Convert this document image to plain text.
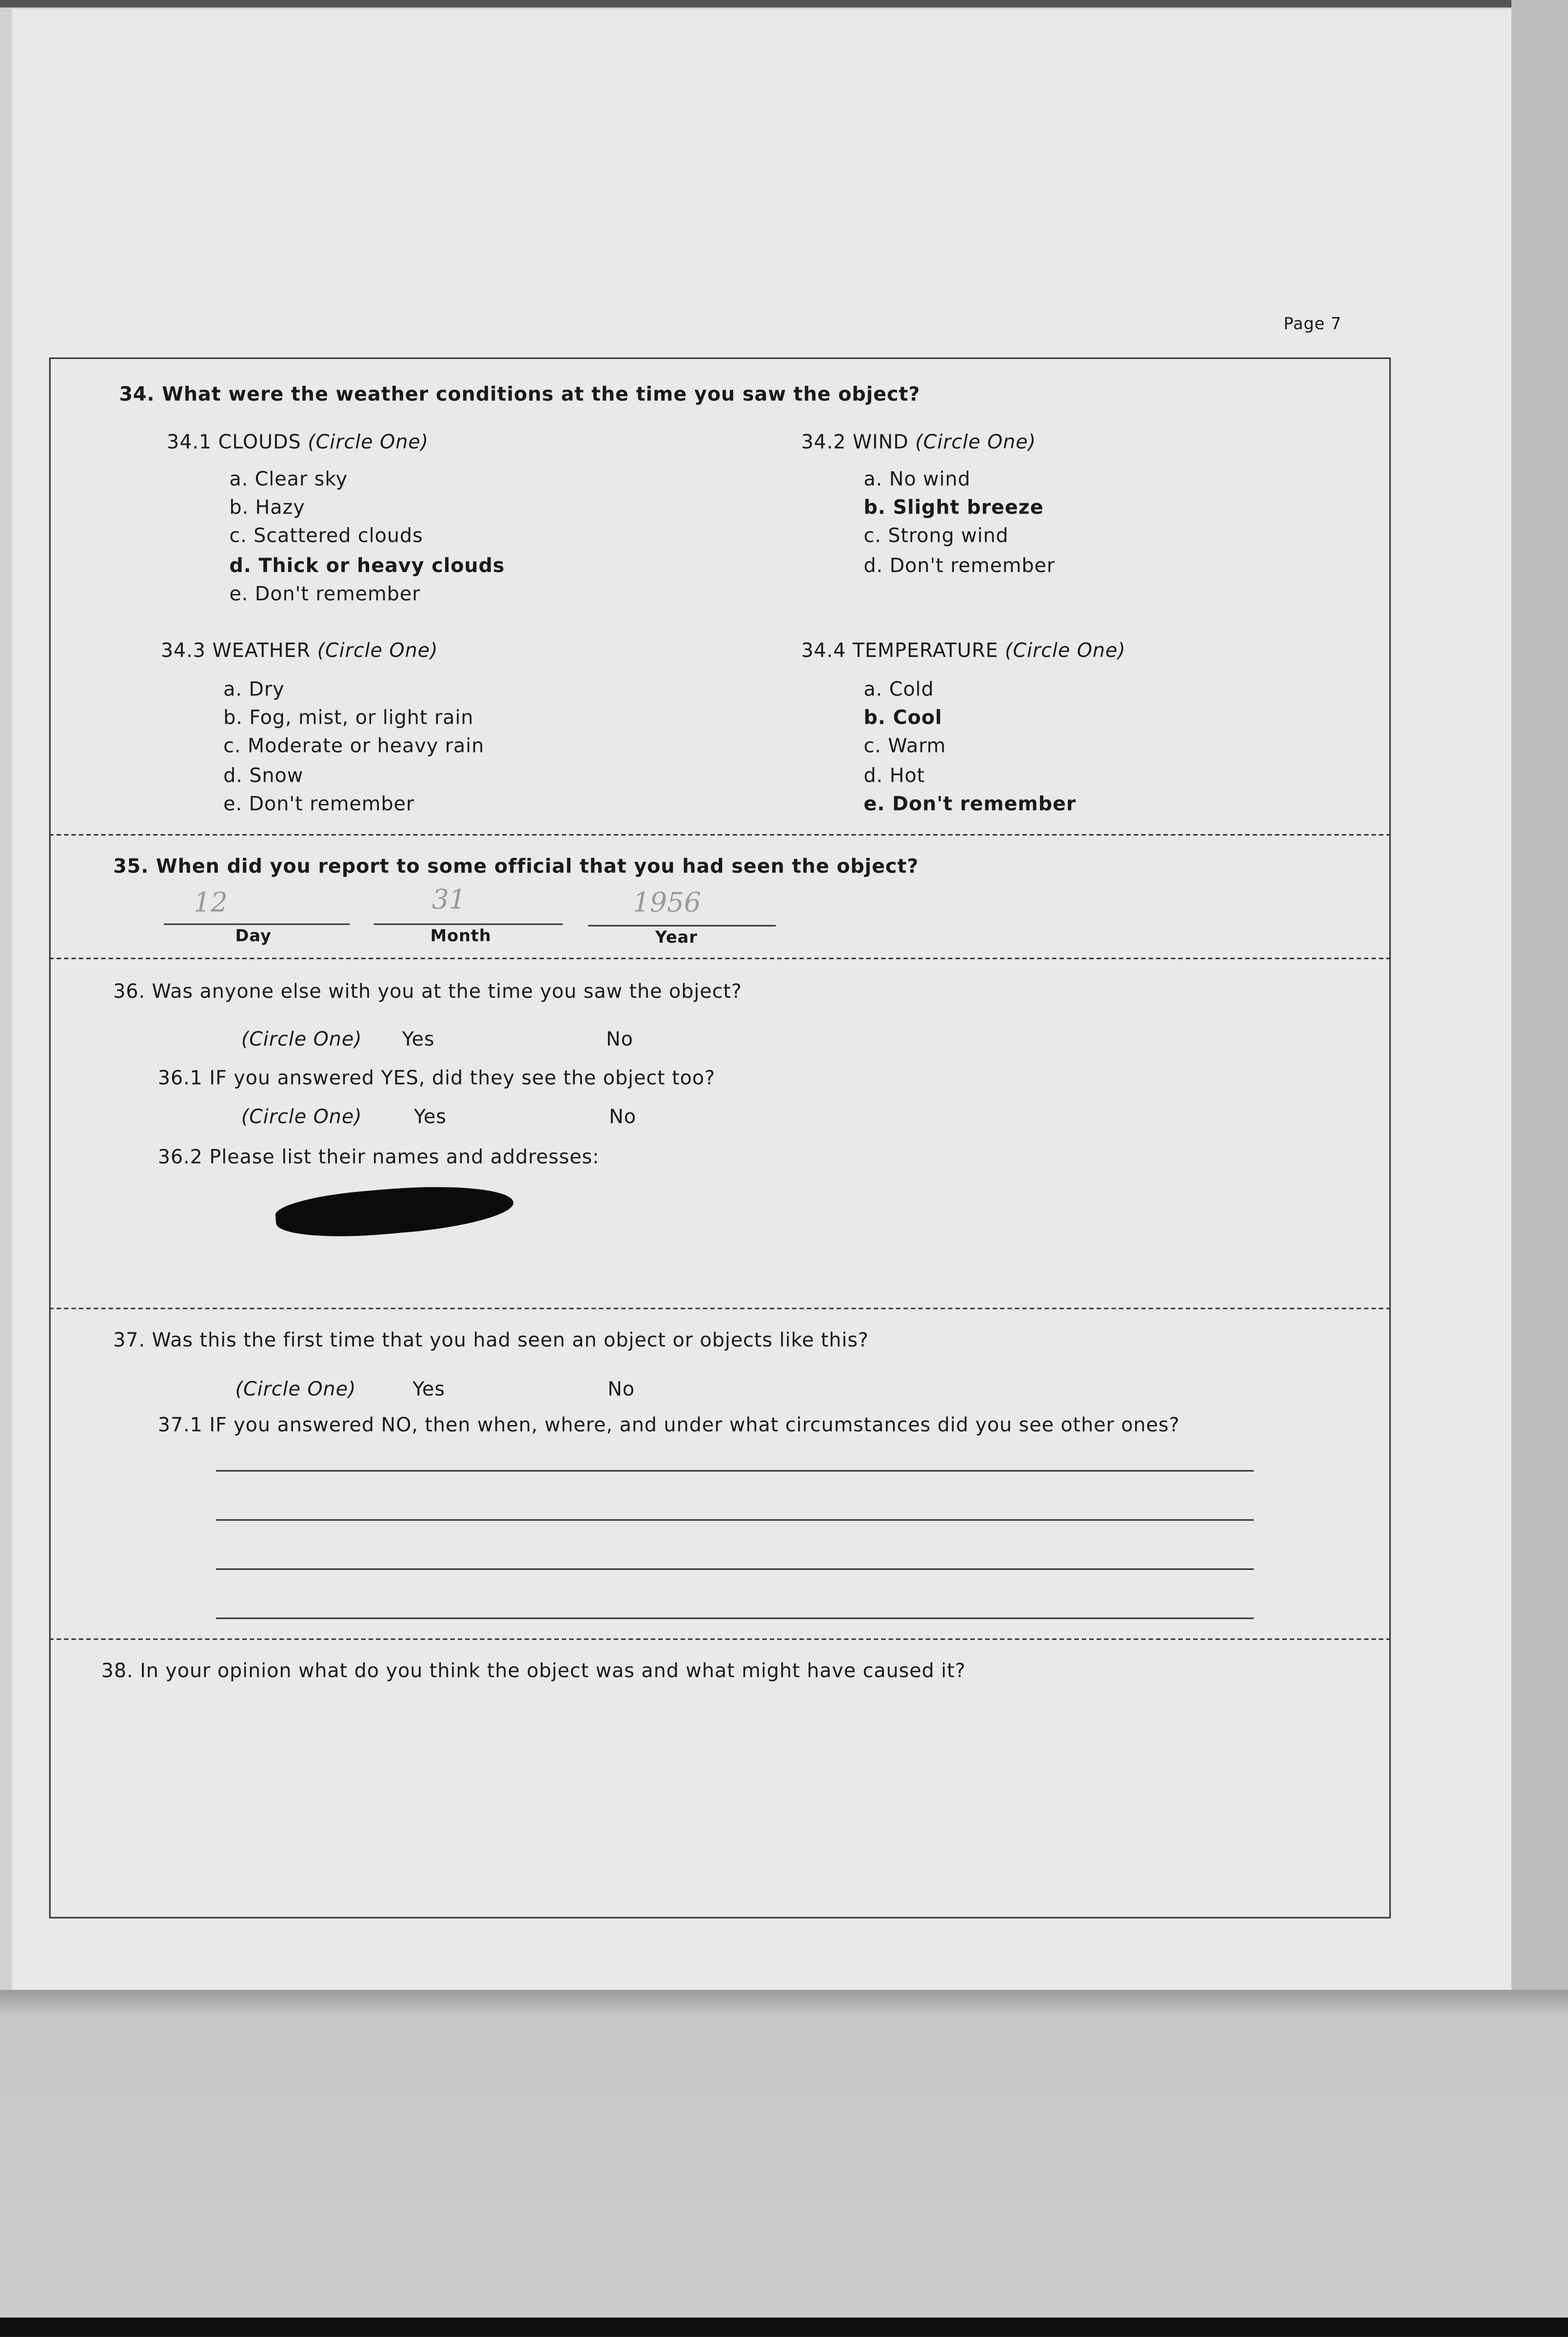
Page 7
34. What were the weather conditions at the time you saw the object?
34.1 CLOUDS (Circle One)
a. Clear sky
b. Hazy
c. Scattered clouds
d. Thick or heavy clouds
e. Don't remember
34.2 WIND (Circle One)
a. No wind
b. Slight breeze
c. Strong wind
d. Don't remember
34.3 WEATHER (Circle One)
a. Dry
b. Fog, mist, or light rain
c. Moderate or heavy rain
d. Snow
e. Don't remember
34.4 TEMPERATURE (Circle One)
a. Cold
b. Cool
c. Warm
d. Hot
e. Don't remember
35. When did you report to some official that you had seen the object?
12	31	1956
Day	Month	Year
36. Was anyone else with you at the time you saw the object?
(Circle One)	Yes	No
36.1 IF you answered YES, did they see the object too?
(Circle One)	Yes	No
36.2 Please list their names and addresses:
37. Was this the first time that you had seen an object or objects like this?
(Circle One)	Yes	No
37.1 IF you answered NO, then when, where, and under what circumstances did you see other ones?
38. In your opinion what do you think the object was and what might have caused it?
